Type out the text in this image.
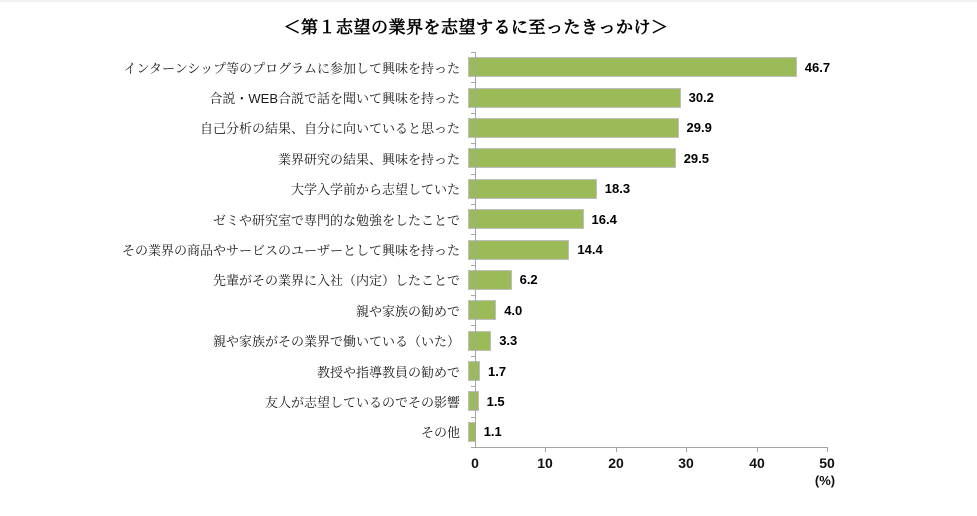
＜第１志望の業界を志望するに至ったきっかけ＞
インターンシップ等のプログラムに参加して興味を持った	46.7
合説・WEB合説で話を聞いて興味を持った	30.2
自己分析の結果、自分に向いていると思った	29.9
業界研究の結果、興味を持った	29.5
大学入学前から志望していた	18.3
ゼミや研究室で専門的な勉強をしたことで	16.4
その業界の商品やサービスのユーザーとして興味を持った	14.4
先輩がその業界に入社（内定）したことで	6.2
親や家族の勧めで	4.0
親や家族がその業界で働いている（いた）	3.3
教授や指導教員の勧めで	1.7
友人が志望しているのでその影響	1.5
その他	1.1
0	10	20	30	40	50
(%)
